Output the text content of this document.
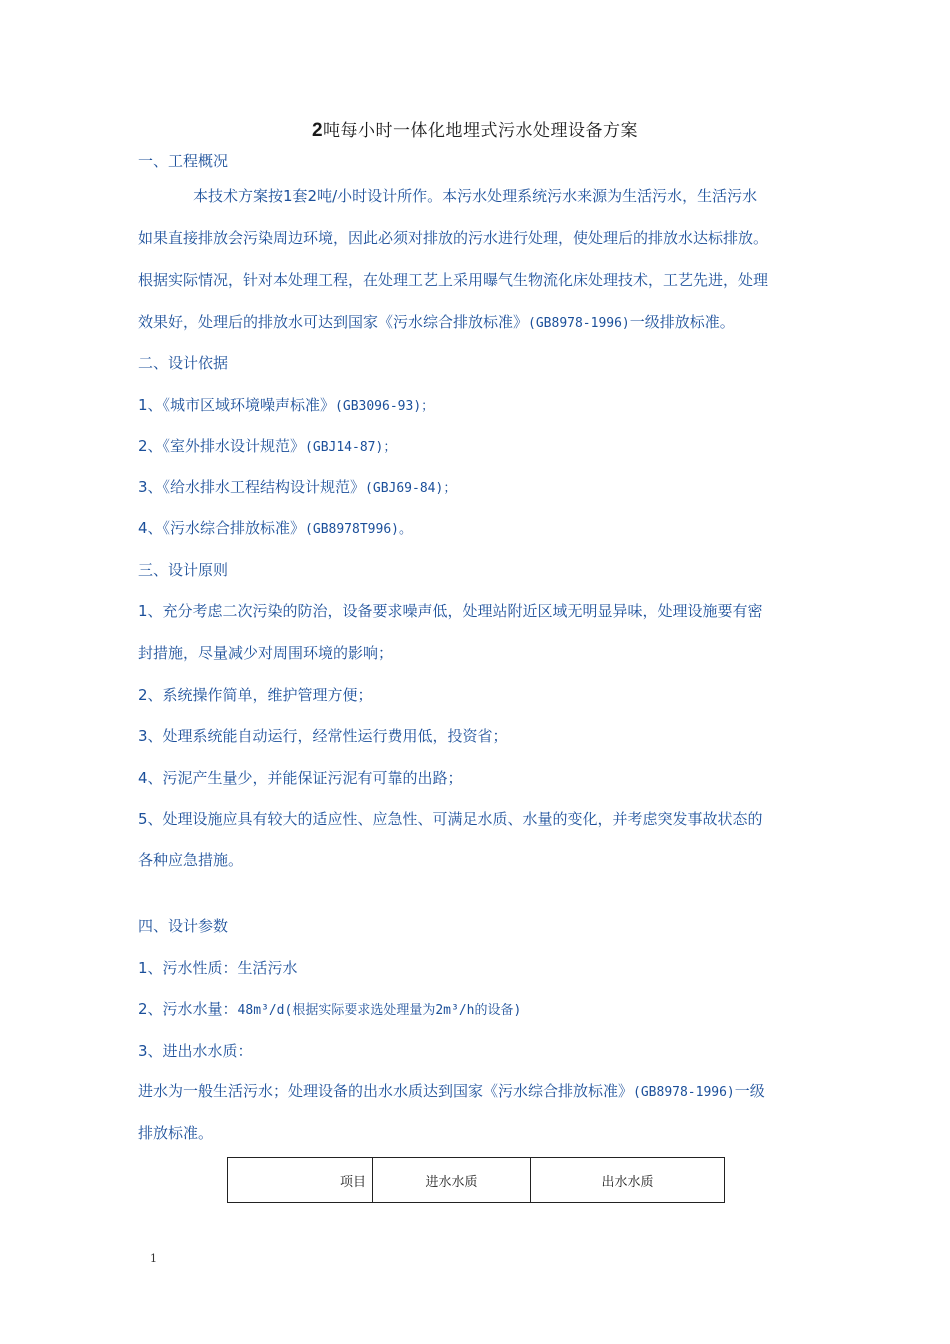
2吨每小时一体化地埋式污水处理设备方案
一、工程概况
本技术方案按1套2吨/小时设计所作。本污水处理系统污水来源为生活污水，生活污水
如果直接排放会污染周边环境，因此必须对排放的污水进行处理，使处理后的排放水达标排放。
根据实际情况，针对本处理工程，在处理工艺上采用曝气生物流化床处理技术，工艺先进，处理
效果好，处理后的排放水可达到国家《污水综合排放标准》(GB8978-1996)一级排放标准。
二、设计依据
1、《城市区域环境噪声标准》(GB3096-93)；
2、《室外排水设计规范》(GBJ14-87)；
3、《给水排水工程结构设计规范》(GBJ69-84)；
4、《污水综合排放标准》(GB8978T996)。
三、设计原则
1、充分考虑二次污染的防治，设备要求噪声低，处理站附近区域无明显异味，处理设施要有密
封措施，尽量减少对周围环境的影响；
2、系统操作简单，维护管理方便；
3、处理系统能自动运行，经常性运行费用低，投资省；
4、污泥产生量少，并能保证污泥有可靠的出路；
5、处理设施应具有较大的适应性、应急性、可满足水质、水量的变化，并考虑突发事故状态的
各种应急措施。
四、设计参数
1、污水性质：生活污水
2、污水水量：48m³/d(根据实际要求选处理量为2m³/h的设备)
3、进出水水质：
进水为一般生活污水；处理设备的出水水质达到国家《污水综合排放标准》(GB8978-1996)一级
排放标准。
项目	进水水质	出水水质
1
